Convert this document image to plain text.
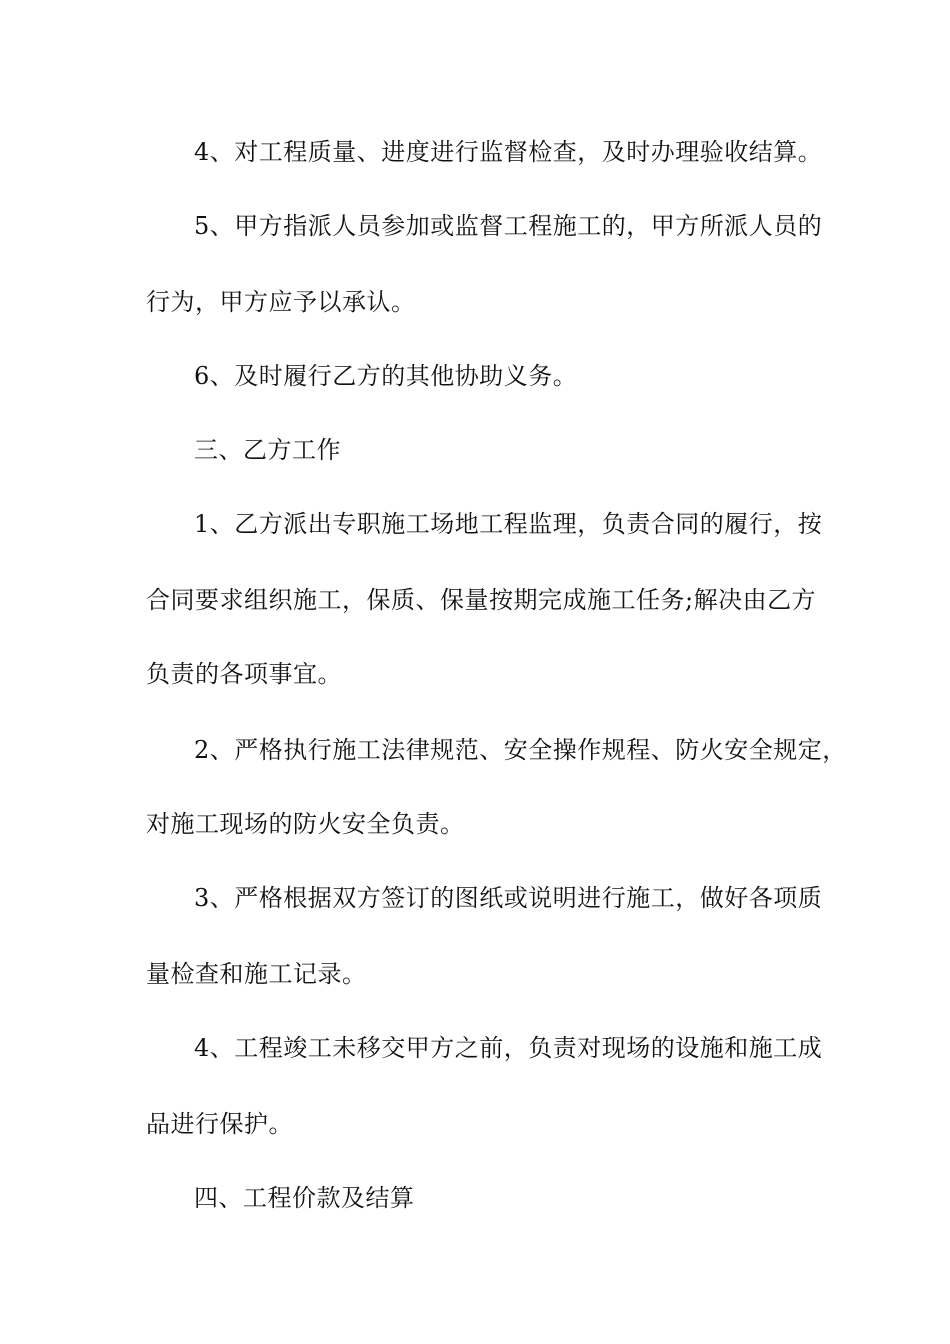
4、对工程质量、进度进行监督检查，及时办理验收结算。
5、甲方指派人员参加或监督工程施工的，甲方所派人员的
行为，甲方应予以承认。
6、及时履行乙方的其他协助义务。
三、乙方工作
1、乙方派出专职施工场地工程监理，负责合同的履行，按
合同要求组织施工，保质、保量按期完成施工任务;解决由乙方
负责的各项事宜。
2、严格执行施工法律规范、安全操作规程、防火安全规定，
对施工现场的防火安全负责。
3、严格根据双方签订的图纸或说明进行施工，做好各项质
量检查和施工记录。
4、工程竣工未移交甲方之前，负责对现场的设施和施工成
品进行保护。
四、工程价款及结算
